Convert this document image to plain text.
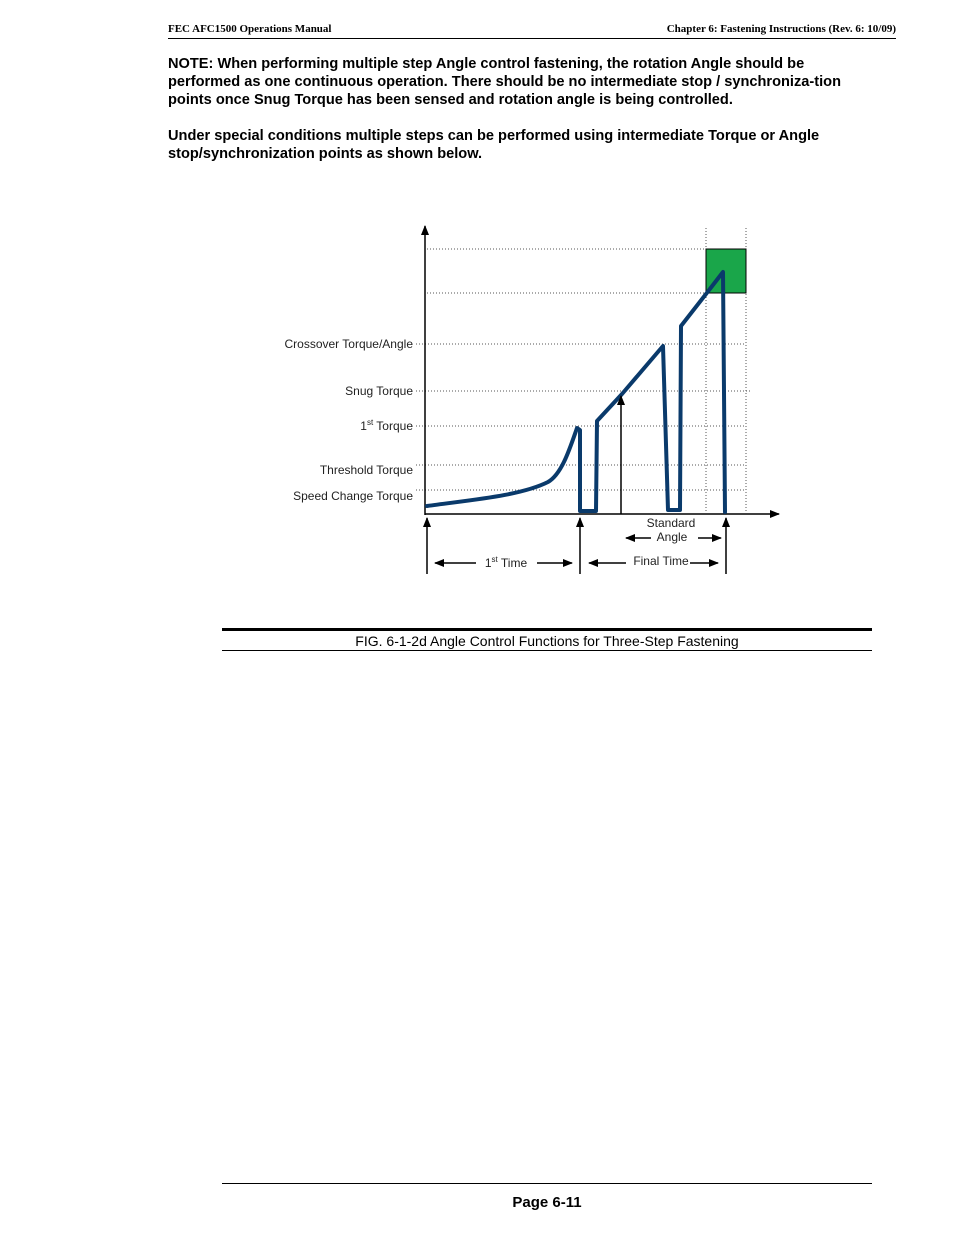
FEC AFC1500 Operations Manual	Chapter 6: Fastening Instructions (Rev. 6: 10/09)

NOTE: When performing multiple step Angle control fastening, the rotation Angle should be performed as one continuous operation. There should be no intermediate stop / synchroniza-tion points once Snug Torque has been sensed and rotation angle is being controlled.

Under special conditions multiple steps can be performed using intermediate Torque or Angle stop/synchronization points as shown below.

Crossover Torque/Angle
Snug Torque
1st Torque
Threshold Torque
Speed Change Torque
Standard
Angle
1st Time	Final Time
FIG. 6-1-2d Angle Control Functions for Three-Step Fastening
Page 6-11
